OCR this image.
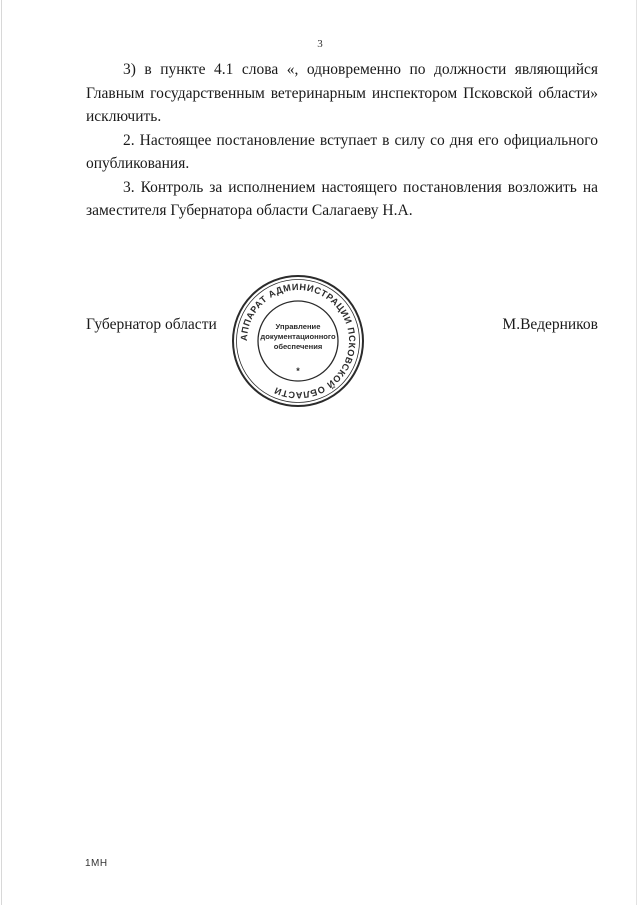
3

3) в пункте 4.1 слова «, одновременно по должности являющийся Главным государственным ветеринарным инспектором Псковской области» исключить.

2. Настоящее постановление вступает в силу со дня его официального опубликования.

3. Контроль за исполнением настоящего постановления возложить на заместителя Губернатора области Салагаеву Н.А.

Губернатор области	М.Ведерников
АППАРАТ АДМИНИСТРАЦИИ ПСКОВСКОЙ ОБЛАСТИ
Управление
документационного
обеспечения
*
1МН
